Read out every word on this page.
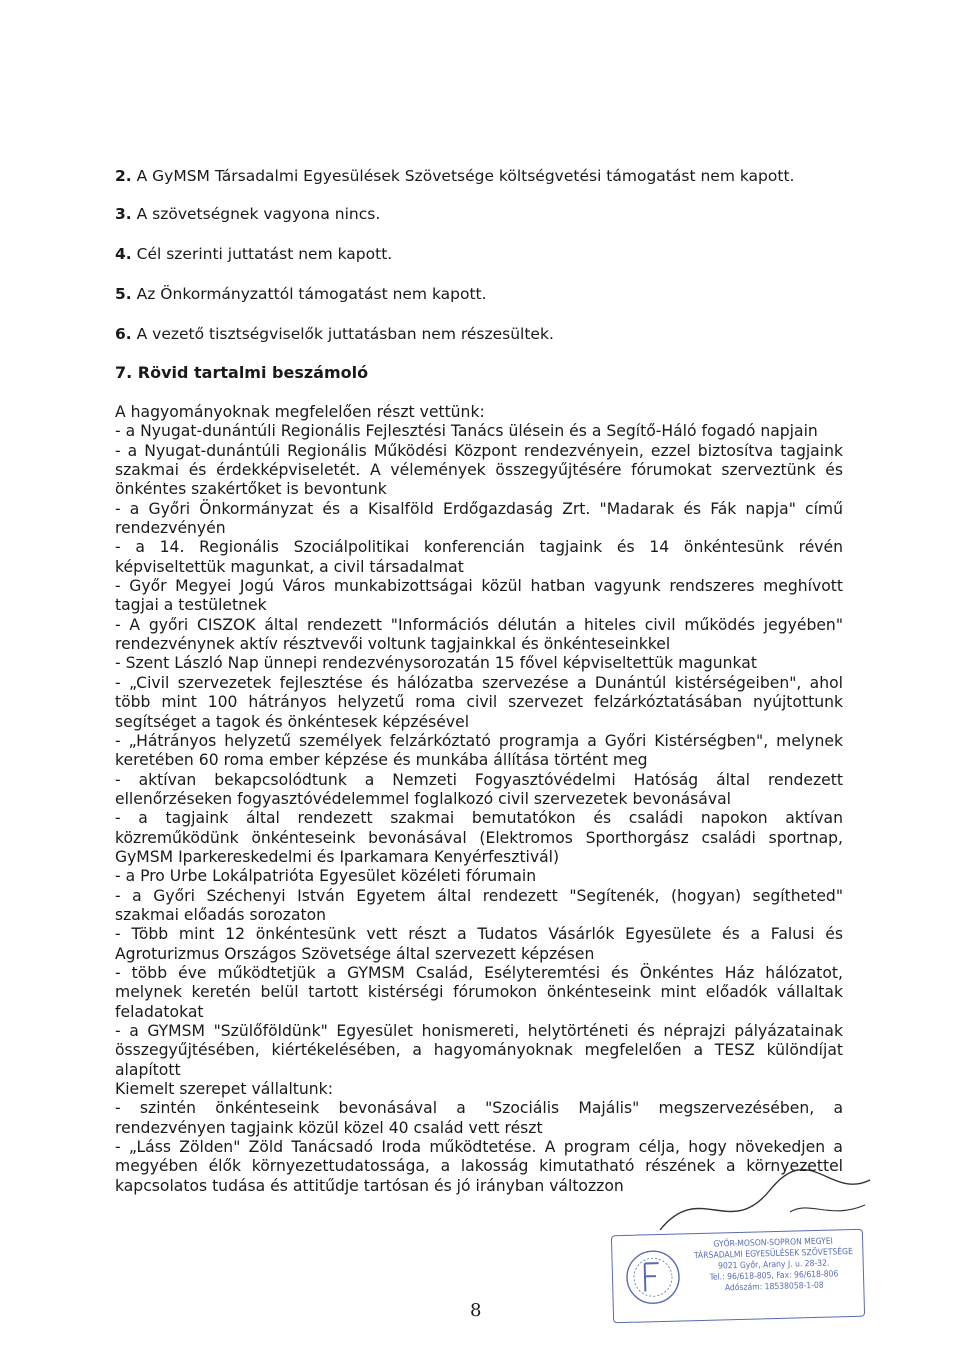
2. A GyMSM Társadalmi Egyesülések Szövetsége költségvetési támogatást nem kapott.
3. A szövetségnek vagyona nincs.
4. Cél szerinti juttatást nem kapott.
5. Az Önkormányzattól támogatást nem kapott.
6. A vezető tisztségviselők juttatásban nem részesültek.
7. Rövid tartalmi beszámoló

A hagyományoknak megfelelően részt vettünk:

- a Nyugat-dunántúli Regionális Fejlesztési Tanács ülésein és a Segítő-Háló fogadó napjain

- a Nyugat-dunántúli Regionális Működési Központ rendezvényein, ezzel biztosítva tagjaink szakmai és érdekképviseletét. A vélemények összegyűjtésére fórumokat szerveztünk és önkéntes szakértőket is bevontunk

- a Győri Önkormányzat és a Kisalföld Erdőgazdaság Zrt. "Madarak és Fák napja" című rendezvényén

- a 14. Regionális Szociálpolitikai konferencián tagjaink és 14 önkéntesünk révén képviseltettük magunkat, a civil társadalmat

- Győr Megyei Jogú Város munkabizottságai közül hatban vagyunk rendszeres meghívott tagjai a testületnek

- A győri CISZOK által rendezett "Információs délután a hiteles civil működés jegyében" rendezvénynek aktív résztvevői voltunk tagjainkkal és önkénteseinkkel

- Szent László Nap ünnepi rendezvénysorozatán 15 fővel képviseltettük magunkat

- „Civil szervezetek fejlesztése és hálózatba szervezése a Dunántúl kistérségeiben", ahol több mint 100 hátrányos helyzetű roma civil szervezet felzárkóztatásában nyújtottunk segítséget a tagok és önkéntesek képzésével

- „Hátrányos helyzetű személyek felzárkóztató programja a Győri Kistérségben", melynek keretében 60 roma ember képzése és munkába állítása történt meg

- aktívan bekapcsolódtunk a Nemzeti Fogyasztóvédelmi Hatóság által rendezett ellenőrzéseken fogyasztóvédelemmel foglalkozó civil szervezetek bevonásával

- a tagjaink által rendezett szakmai bemutatókon és családi napokon aktívan közreműködünk önkénteseink bevonásával (Elektromos Sporthorgász családi sportnap, GyMSM Iparkereskedelmi és Iparkamara Kenyérfesztivál)

- a Pro Urbe Lokálpatrióta Egyesület közéleti fórumain

- a Győri Széchenyi István Egyetem által rendezett "Segítenék, (hogyan) segítheted" szakmai előadás sorozaton

- Több mint 12 önkéntesünk vett részt a Tudatos Vásárlók Egyesülete és a Falusi és Agroturizmus Országos Szövetsége által szervezett képzésen

- több éve működtetjük a GYMSM Család, Esélyteremtési és Önkéntes Ház hálózatot, melynek keretén belül tartott kistérségi fórumokon önkénteseink mint előadók vállaltak feladatokat

- a GYMSM "Szülőföldünk" Egyesület honismereti, helytörténeti és néprajzi pályázatainak összegyűjtésében, kiértékelésében, a hagyományoknak megfelelően a TESZ különdíjat alapított

Kiemelt szerepet vállaltunk:

- szintén önkénteseink bevonásával a "Szociális Majális" megszervezésében, a rendezvényen tagjaink közül közel 40 család vett részt

- „Láss Zölden" Zöld Tanácsadó Iroda működtetése. A program célja, hogy növekedjen a megyében élők környezettudatossága, a lakosság kimutatható részének a környezettel kapcsolatos tudása és attitűdje tartósan és jó irányban változzon

GYŐR-MOSON-SOPRON MEGYEI
TÁRSADALMI EGYESÜLÉSEK SZÖVETSÉGE
9021 Győr, Arany J. u. 28-32.
Tel.: 96/618-805, Fax: 96/618-806
Adószám: 18538058-1-08
8
